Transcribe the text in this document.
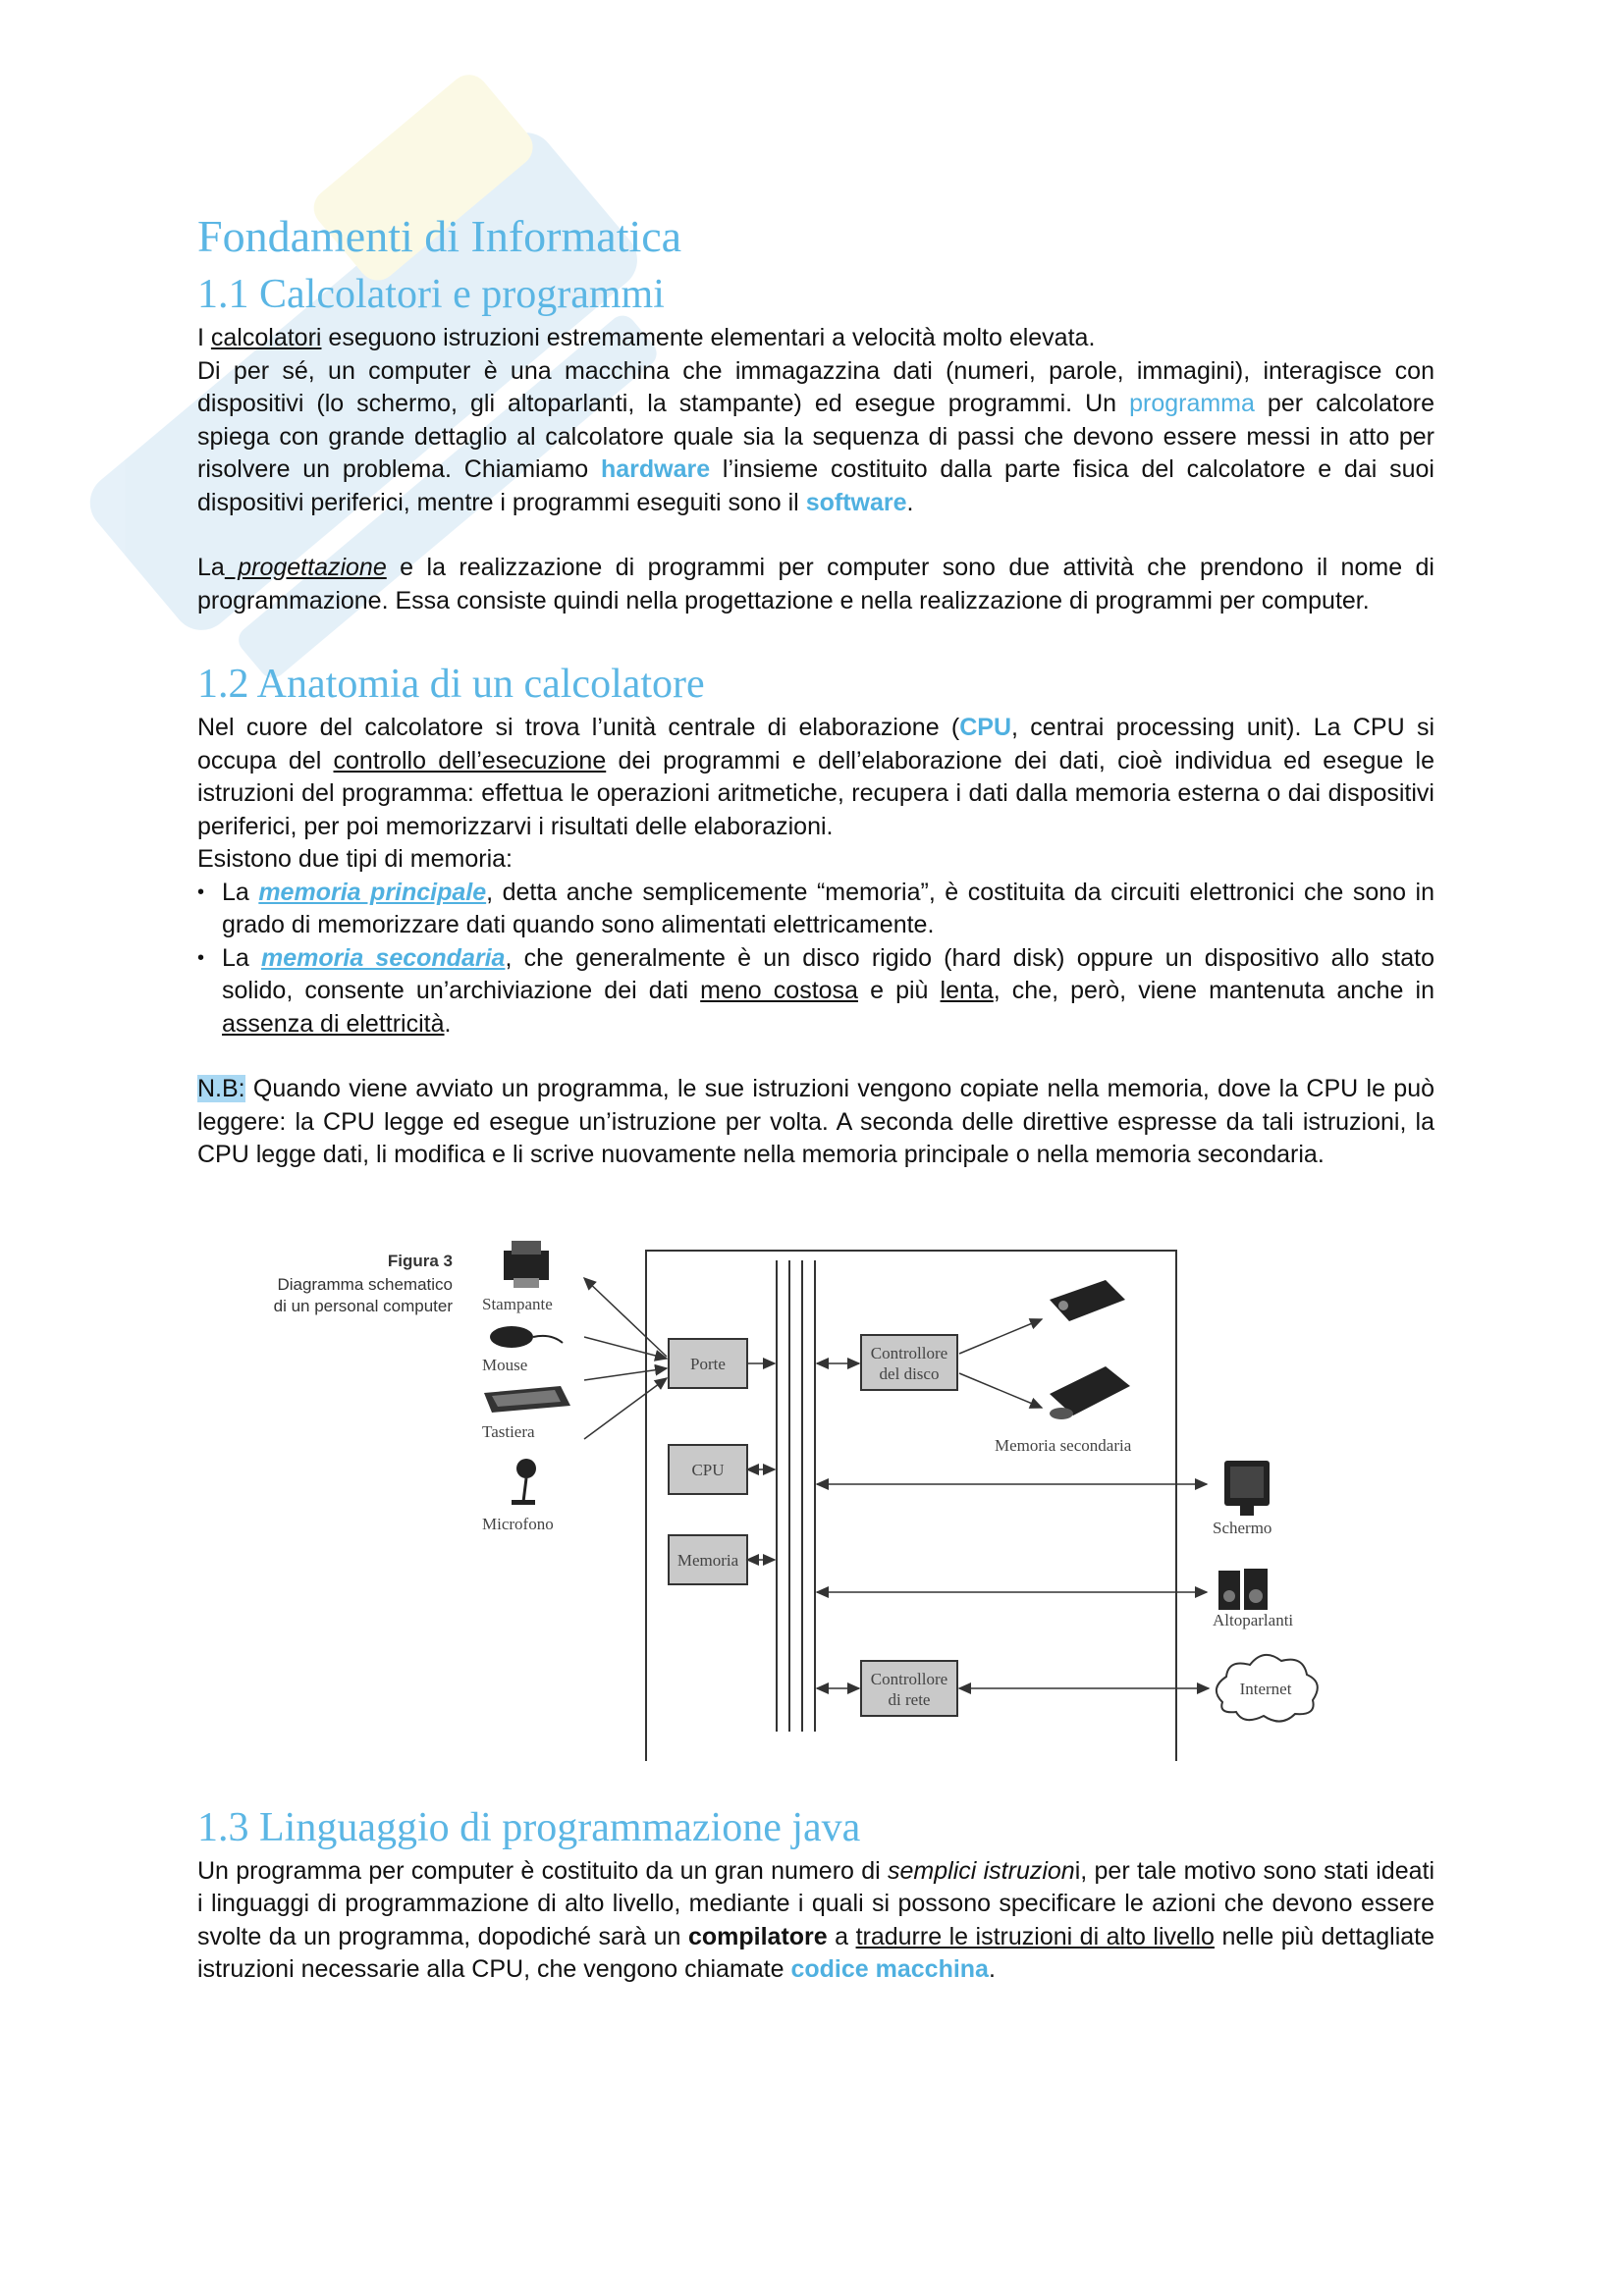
Fondamenti di Informatica
1.1 Calcolatori e programmi

I calcolatori eseguono istruzioni estremamente elementari a velocità molto elevata.

Di per sé, un computer è una macchina che immagazzina dati (numeri, parole, immagini), interagisce con dispositivi (lo schermo, gli altoparlanti, la stampante) ed esegue programmi. Un programma per calcolatore spiega con grande dettaglio al calcolatore quale sia la sequenza di passi che devono essere messi in atto per risolvere un problema. Chiamiamo hardware l’insieme costituito dalla parte fisica del calcolatore e dai suoi dispositivi periferici, mentre i programmi eseguiti sono il software.

La progettazione e la realizzazione di programmi per computer sono due attività che prendono il nome di programmazione. Essa consiste quindi nella progettazione e nella realizzazione di programmi per computer.

1.2 Anatomia di un calcolatore

Nel cuore del calcolatore si trova l’unità centrale di elaborazione (CPU, centrai processing unit). La CPU si occupa del controllo dell’esecuzione dei programmi e dell’elaborazione dei dati, cioè individua ed esegue le istruzioni del programma: effettua le operazioni aritmetiche, recupera i dati dalla memoria esterna o dai dispositivi periferici, per poi memorizzarvi i risultati delle elaborazioni.

Esistono due tipi di memoria:

• La memoria principale, detta anche semplicemente “memoria”, è costituita da circuiti elettronici che sono in grado di memorizzare dati quando sono alimentati elettricamente.
• La memoria secondaria, che generalmente è un disco rigido (hard disk) oppure un dispositivo allo stato solido, consente un’archiviazione dei dati meno costosa e più lenta, che, però, viene mantenuta anche in assenza di elettricità.

N.B: Quando viene avviato un programma, le sue istruzioni vengono copiate nella memoria, dove la CPU le può leggere: la CPU legge ed esegue un’istruzione per volta. A seconda delle direttive espresse da tali istruzioni, la CPU legge dati, li modifica e li scrive nuovamente nella memoria principale o nella memoria secondaria.

Figura 3
Diagramma schematico
di un personal computer
Porte
CPU
Memoria
Controllore
del disco
Controllore
di rete
Stampante
Mouse
Tastiera
Microfono
Memoria secondaria
Schermo
Altoparlanti
Internet
1.3 Linguaggio di programmazione java

Un programma per computer è costituito da un gran numero di semplici istruzioni, per tale motivo sono stati ideati i linguaggi di programmazione di alto livello, mediante i quali si possono specificare le azioni che devono essere svolte da un programma, dopodiché sarà un compilatore a tradurre le istruzioni di alto livello nelle più dettagliate istruzioni necessarie alla CPU, che vengono chiamate codice macchina.
